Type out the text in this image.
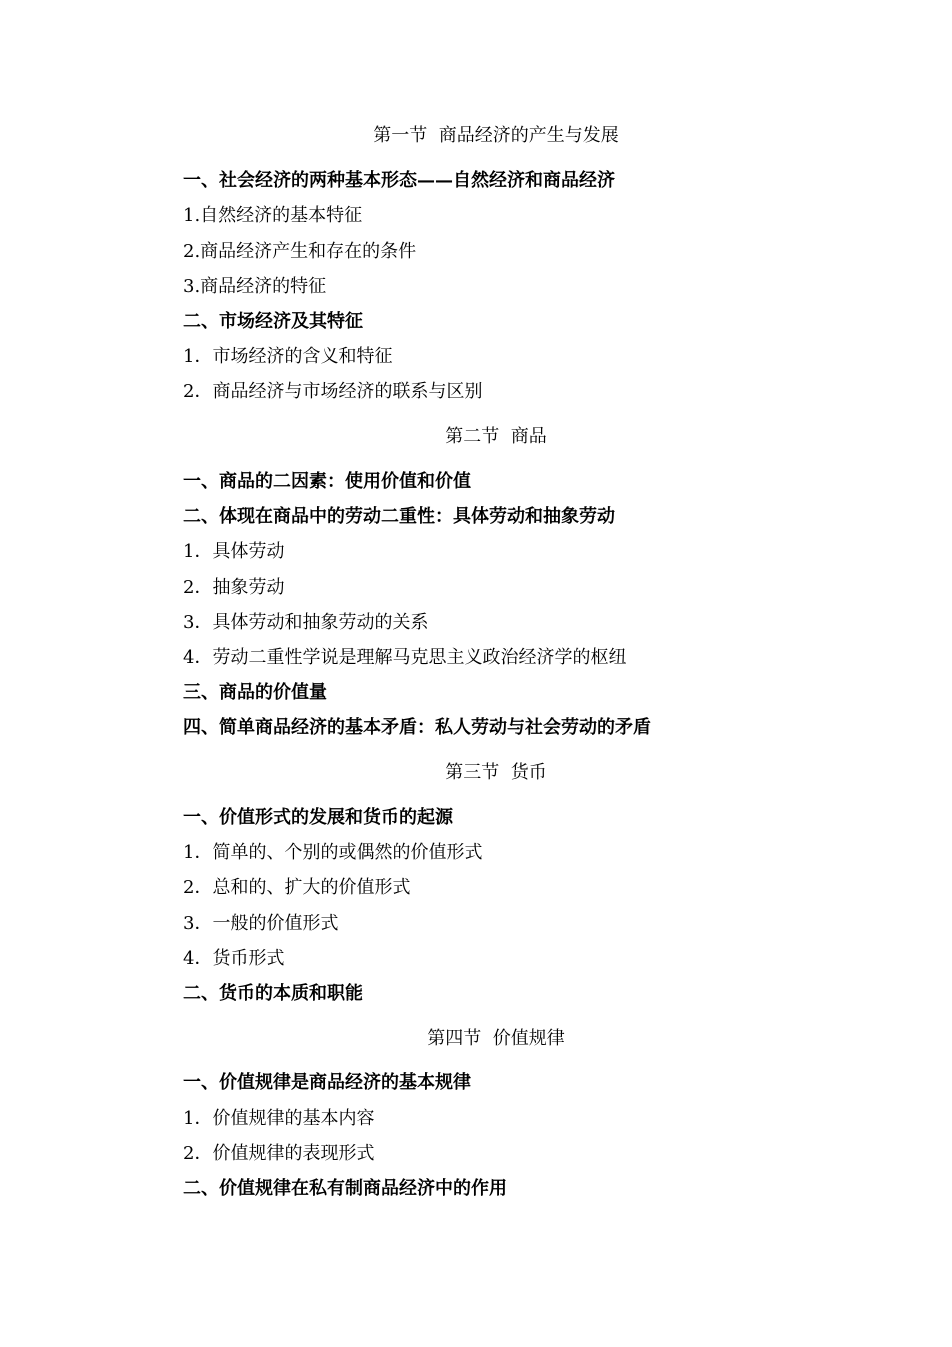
第一节  商品经济的产生与发展
一、社会经济的两种基本形态——自然经济和商品经济
1.自然经济的基本特征
2.商品经济产生和存在的条件
3.商品经济的特征
二、市场经济及其特征
1．市场经济的含义和特征
2．商品经济与市场经济的联系与区别
第二节  商品
一、商品的二因素：使用价值和价值
二、体现在商品中的劳动二重性：具体劳动和抽象劳动
1．具体劳动
2．抽象劳动
3．具体劳动和抽象劳动的关系
4．劳动二重性学说是理解马克思主义政治经济学的枢纽
三、商品的价值量
四、简单商品经济的基本矛盾：私人劳动与社会劳动的矛盾
第三节  货币
一、价值形式的发展和货币的起源
1．简单的、个别的或偶然的价值形式
2．总和的、扩大的价值形式
3．一般的价值形式
4．货币形式
二、货币的本质和职能
第四节  价值规律
一、价值规律是商品经济的基本规律
1．价值规律的基本内容
2．价值规律的表现形式
二、价值规律在私有制商品经济中的作用
